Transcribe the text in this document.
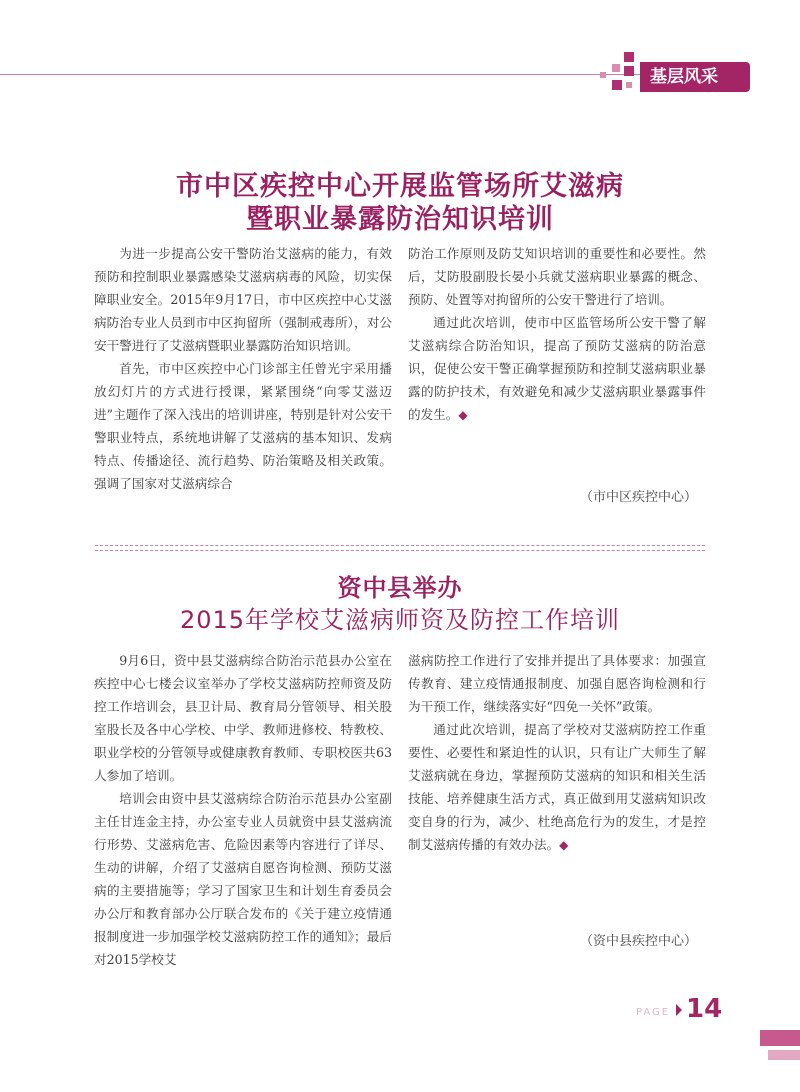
基层风采
市中区疾控中心开展监管场所艾滋病
暨职业暴露防治知识培训

为进一步提高公安干警防治艾滋病的能力，有效预防和控制职业暴露感染艾滋病病毒的风险，切实保障职业安全。2015年9月17日，市中区疾控中心艾滋病防治专业人员到市中区拘留所（强制戒毒所），对公安干警进行了艾滋病暨职业暴露防治知识培训。

首先，市中区疾控中心门诊部主任曾光宇采用播放幻灯片的方式进行授课，紧紧围绕“向零艾滋迈进”主题作了深入浅出的培训讲座，特别是针对公安干警职业特点，系统地讲解了艾滋病的基本知识、发病特点、传播途径、流行趋势、防治策略及相关政策。强调了国家对艾滋病综合

防治工作原则及防艾知识培训的重要性和必要性。然后，艾防股副股长晏小兵就艾滋病职业暴露的概念、预防、处置等对拘留所的公安干警进行了培训。

通过此次培训，使市中区监管场所公安干警了解艾滋病综合防治知识，提高了预防艾滋病的防治意识，促使公安干警正确掌握预防和控制艾滋病职业暴露的防护技术，有效避免和减少艾滋病职业暴露事件的发生。◆

（市中区疾控中心）
资中县举办
2015年学校艾滋病师资及防控工作培训

9月6日，资中县艾滋病综合防治示范县办公室在疾控中心七楼会议室举办了学校艾滋病防控师资及防控工作培训会，县卫计局、教育局分管领导、相关股室股长及各中心学校、中学、教师进修校、特教校、职业学校的分管领导或健康教育教师、专职校医共63人参加了培训。

培训会由资中县艾滋病综合防治示范县办公室副主任甘连金主持，办公室专业人员就资中县艾滋病流行形势、艾滋病危害、危险因素等内容进行了详尽、生动的讲解，介绍了艾滋病自愿咨询检测、预防艾滋病的主要措施等；学习了国家卫生和计划生育委员会办公厅和教育部办公厅联合发布的《关于建立疫情通报制度进一步加强学校艾滋病防控工作的通知》；最后对2015学校艾

滋病防控工作进行了安排并提出了具体要求：加强宣传教育、建立疫情通报制度、加强自愿咨询检测和行为干预工作，继续落实好“四免一关怀”政策。

通过此次培训，提高了学校对艾滋病防控工作重要性、必要性和紧迫性的认识，只有让广大师生了解艾滋病就在身边，掌握预防艾滋病的知识和相关生活技能、培养健康生活方式，真正做到用艾滋病知识改变自身的行为，减少、杜绝高危行为的发生，才是控制艾滋病传播的有效办法。◆

（资中县疾控中心）
PAGE 14
